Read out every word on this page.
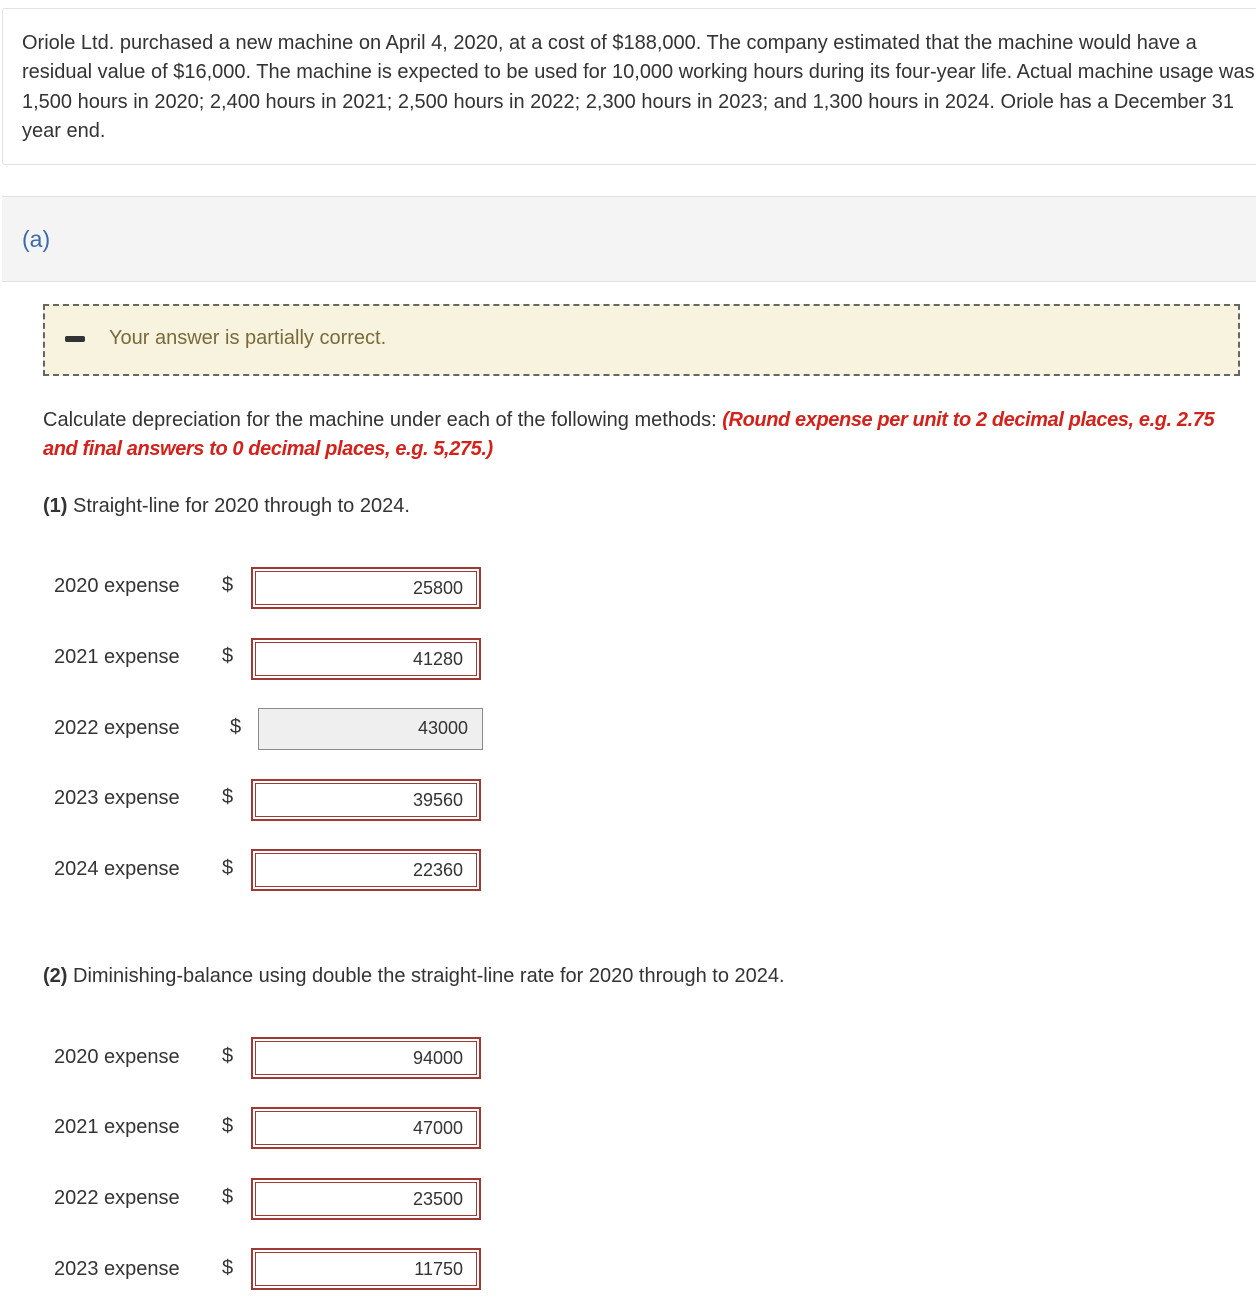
Oriole Ltd. purchased a new machine on April 4, 2020, at a cost of $188,000. The company estimated that the machine would have a residual value of $16,000. The machine is expected to be used for 10,000 working hours during its four-year life. Actual machine usage was 1,500 hours in 2020; 2,400 hours in 2021; 2,500 hours in 2022; 2,300 hours in 2023; and 1,300 hours in 2024. Oriole has a December 31 year end.
(a)
Your answer is partially correct.
Calculate depreciation for the machine under each of the following methods: (Round expense per unit to 2 decimal places, e.g. 2.75 and final answers to 0 decimal places, e.g. 5,275.)
(1) Straight-line for 2020 through to 2024.
2020 expense $	25800
2021 expense $	41280
2022 expense	$	43000
2023 expense $	39560
2024 expense $	22360
(2) Diminishing-balance using double the straight-line rate for 2020 through to 2024.
2020 expense $	94000
2021 expense $	47000
2022 expense $	23500
2023 expense $	11750
